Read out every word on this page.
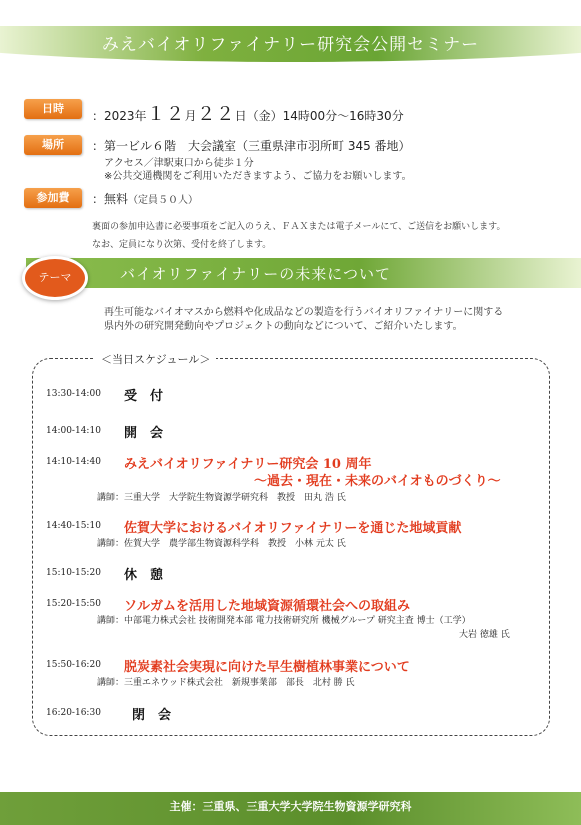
みえバイオリファイナリー研究会公開セミナー
日時
：2023年１２月２２日（金）14時00分～16時30分
場所	：第一ビル６階　大会議室（三重県津市羽所町 345 番地）
アクセス／津駅東口から徒歩１分
※公共交通機関をご利用いただきますよう、ご協力をお願いします。
参加費	：無料（定員５０人）
裏面の参加申込書に必要事項をご記入のうえ、ＦＡＸまたは電子メールにて、ご送信をお願いします。
なお、定員になり次第、受付を終了します。
テーマ	バイオリファイナリーの未来について
再生可能なバイオマスから燃料や化成品などの製造を行うバイオリファイナリーに関する
県内外の研究開発動向やプロジェクトの動向などについて、ご紹介いたします。
＜当日スケジュール＞
13:30-14:00 受　付
14:00-14:10 開　会
14:10-14:40 みえバイオリファイナリー研究会 10 周年
～過去・現在・未来のバイオものづくり～
講師：三重大学　大学院生物資源学研究科　教授　田丸 浩 氏
14:40-15:10 佐賀大学におけるバイオリファイナリーを通じた地域貢献
講師：佐賀大学　農学部生物資源科学科　教授　小林 元太 氏
15:10-15:20 休　憩
15:20-15:50 ソルガムを活用した地域資源循環社会への取組み
講師：中部電力株式会社 技術開発本部 電力技術研究所 機械グループ 研究主査 博士（工学）
大岩 徳雄 氏
15:50-16:20 脱炭素社会実現に向けた早生樹植林事業について
講師：三重エネウッド株式会社　新規事業部　部長　北村 勝 氏
16:20-16:30 閉　会
主催：三重県、三重大学大学院生物資源学研究科
